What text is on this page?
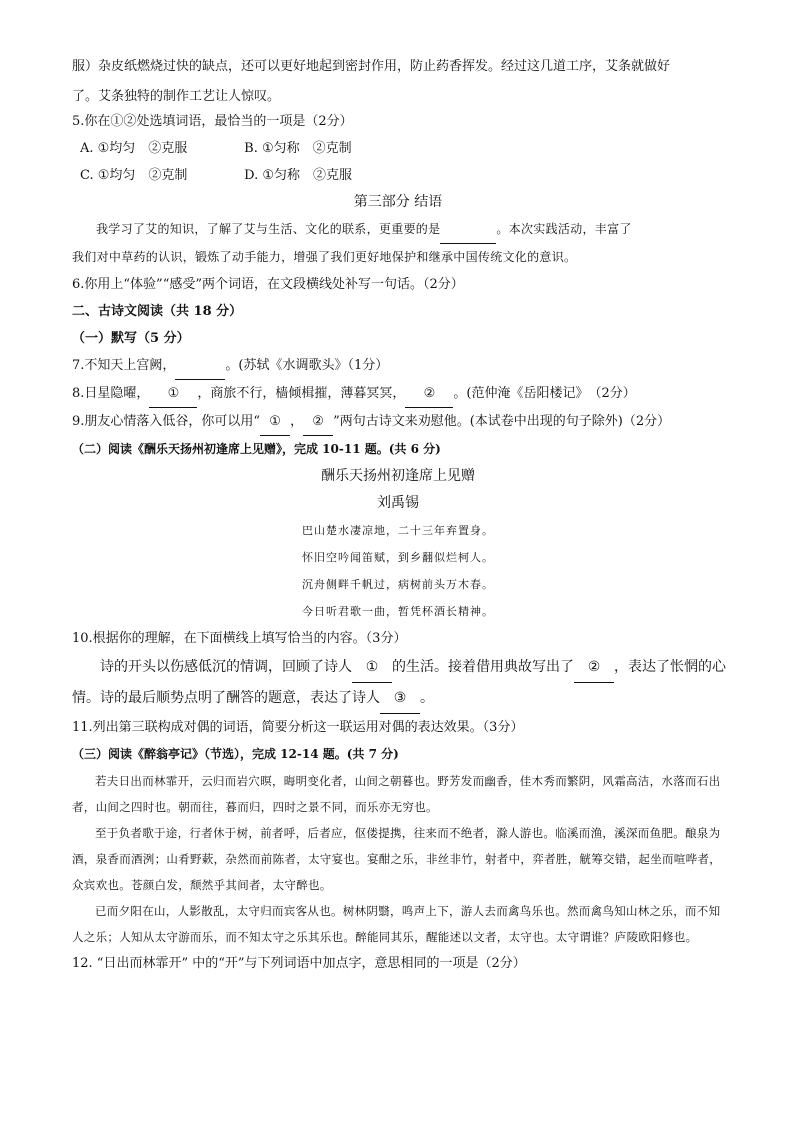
服）杂皮纸燃烧过快的缺点，还可以更好地起到密封作用，防止药香挥发。经过这几道工序，艾条就做好
了。艾条独特的制作工艺让人惊叹。
5.你在①②处选填词语，最恰当的一项是（2分）
A. ①均匀　②克服	B. ①匀称　②克制
C. ①均匀　②克制	D. ①匀称　②克服
第三部分 结语
我学习了艾的知识，了解了艾与生活、文化的联系，更重要的是	。本次实践活动，丰富了
我们对中草药的认识，锻炼了动手能力，增强了我们更好地保护和继承中国传统文化的意识。
6.你用上“体验”“感受”两个词语，在文段横线处补写一句话。（2分）
二、古诗文阅读（共 18 分）
（一）默写（5 分）
7.不知天上宫阙，	。(苏轼《水调歌头》（1分）
8.日星隐曜， ① ，商旅不行，樯倾楫摧，薄暮冥冥， ② 。(范仲淹《岳阳楼记》　（2分）
9.朋友心情落入低谷，你可以用“ ① ， ② ”两句古诗文来劝慰他。(本试卷中出现的句子除外)（2分）
（二）阅读《酬乐天扬州初逢席上见赠》，完成 10-11 题。(共 6 分)
酬乐天扬州初逢席上见赠
刘禹锡
巴山楚水凄凉地，二十三年弃置身。
怀旧空吟闻笛赋，到乡翻似烂柯人。
沉舟侧畔千帆过，病树前头万木春。
今日听君歌一曲，暂凭杯酒长精神。
10.根据你的理解，在下面横线上填写恰当的内容。（3分）
诗的开头以伤感低沉的情调，回顾了诗人 ① 的生活。接着借用典故写出了 ② ，表达了怅惘的心
情。诗的最后顺势点明了酬答的题意，表达了诗人 ③ 。
11.列出第三联构成对偶的词语，简要分析这一联运用对偶的表达效果。（3分）
（三）阅读《醉翁亭记》（节选），完成 12-14 题。(共 7 分)
若夫日出而林霏开，云归而岩穴暝，晦明变化者，山间之朝暮也。野芳发而幽香，佳木秀而繁阴，风霜高洁，水落而石出者，山间之四时也。朝而往，暮而归，四时之景不同，而乐亦无穷也。
至于负者歌于途，行者休于树，前者呼，后者应，伛偻提携，往来而不绝者，滁人游也。临溪而渔，溪深而鱼肥。酿泉为酒，泉香而酒洌；山肴野蔌，杂然而前陈者，太守宴也。宴酣之乐，非丝非竹，射者中，弈者胜，觥筹交错，起坐而喧哗者，众宾欢也。苍颜白发，颓然乎其间者，太守醉也。
已而夕阳在山，人影散乱，太守归而宾客从也。树林阴翳，鸣声上下，游人去而禽鸟乐也。然而禽鸟知山林之乐，而不知人之乐；人知从太守游而乐，而不知太守之乐其乐也。醉能同其乐，醒能述以文者，太守也。太守谓谁？庐陵欧阳修也。
12. “日出而林霏开” 中的“开”与下列词语中加点字，意思相同的一项是（2分）
